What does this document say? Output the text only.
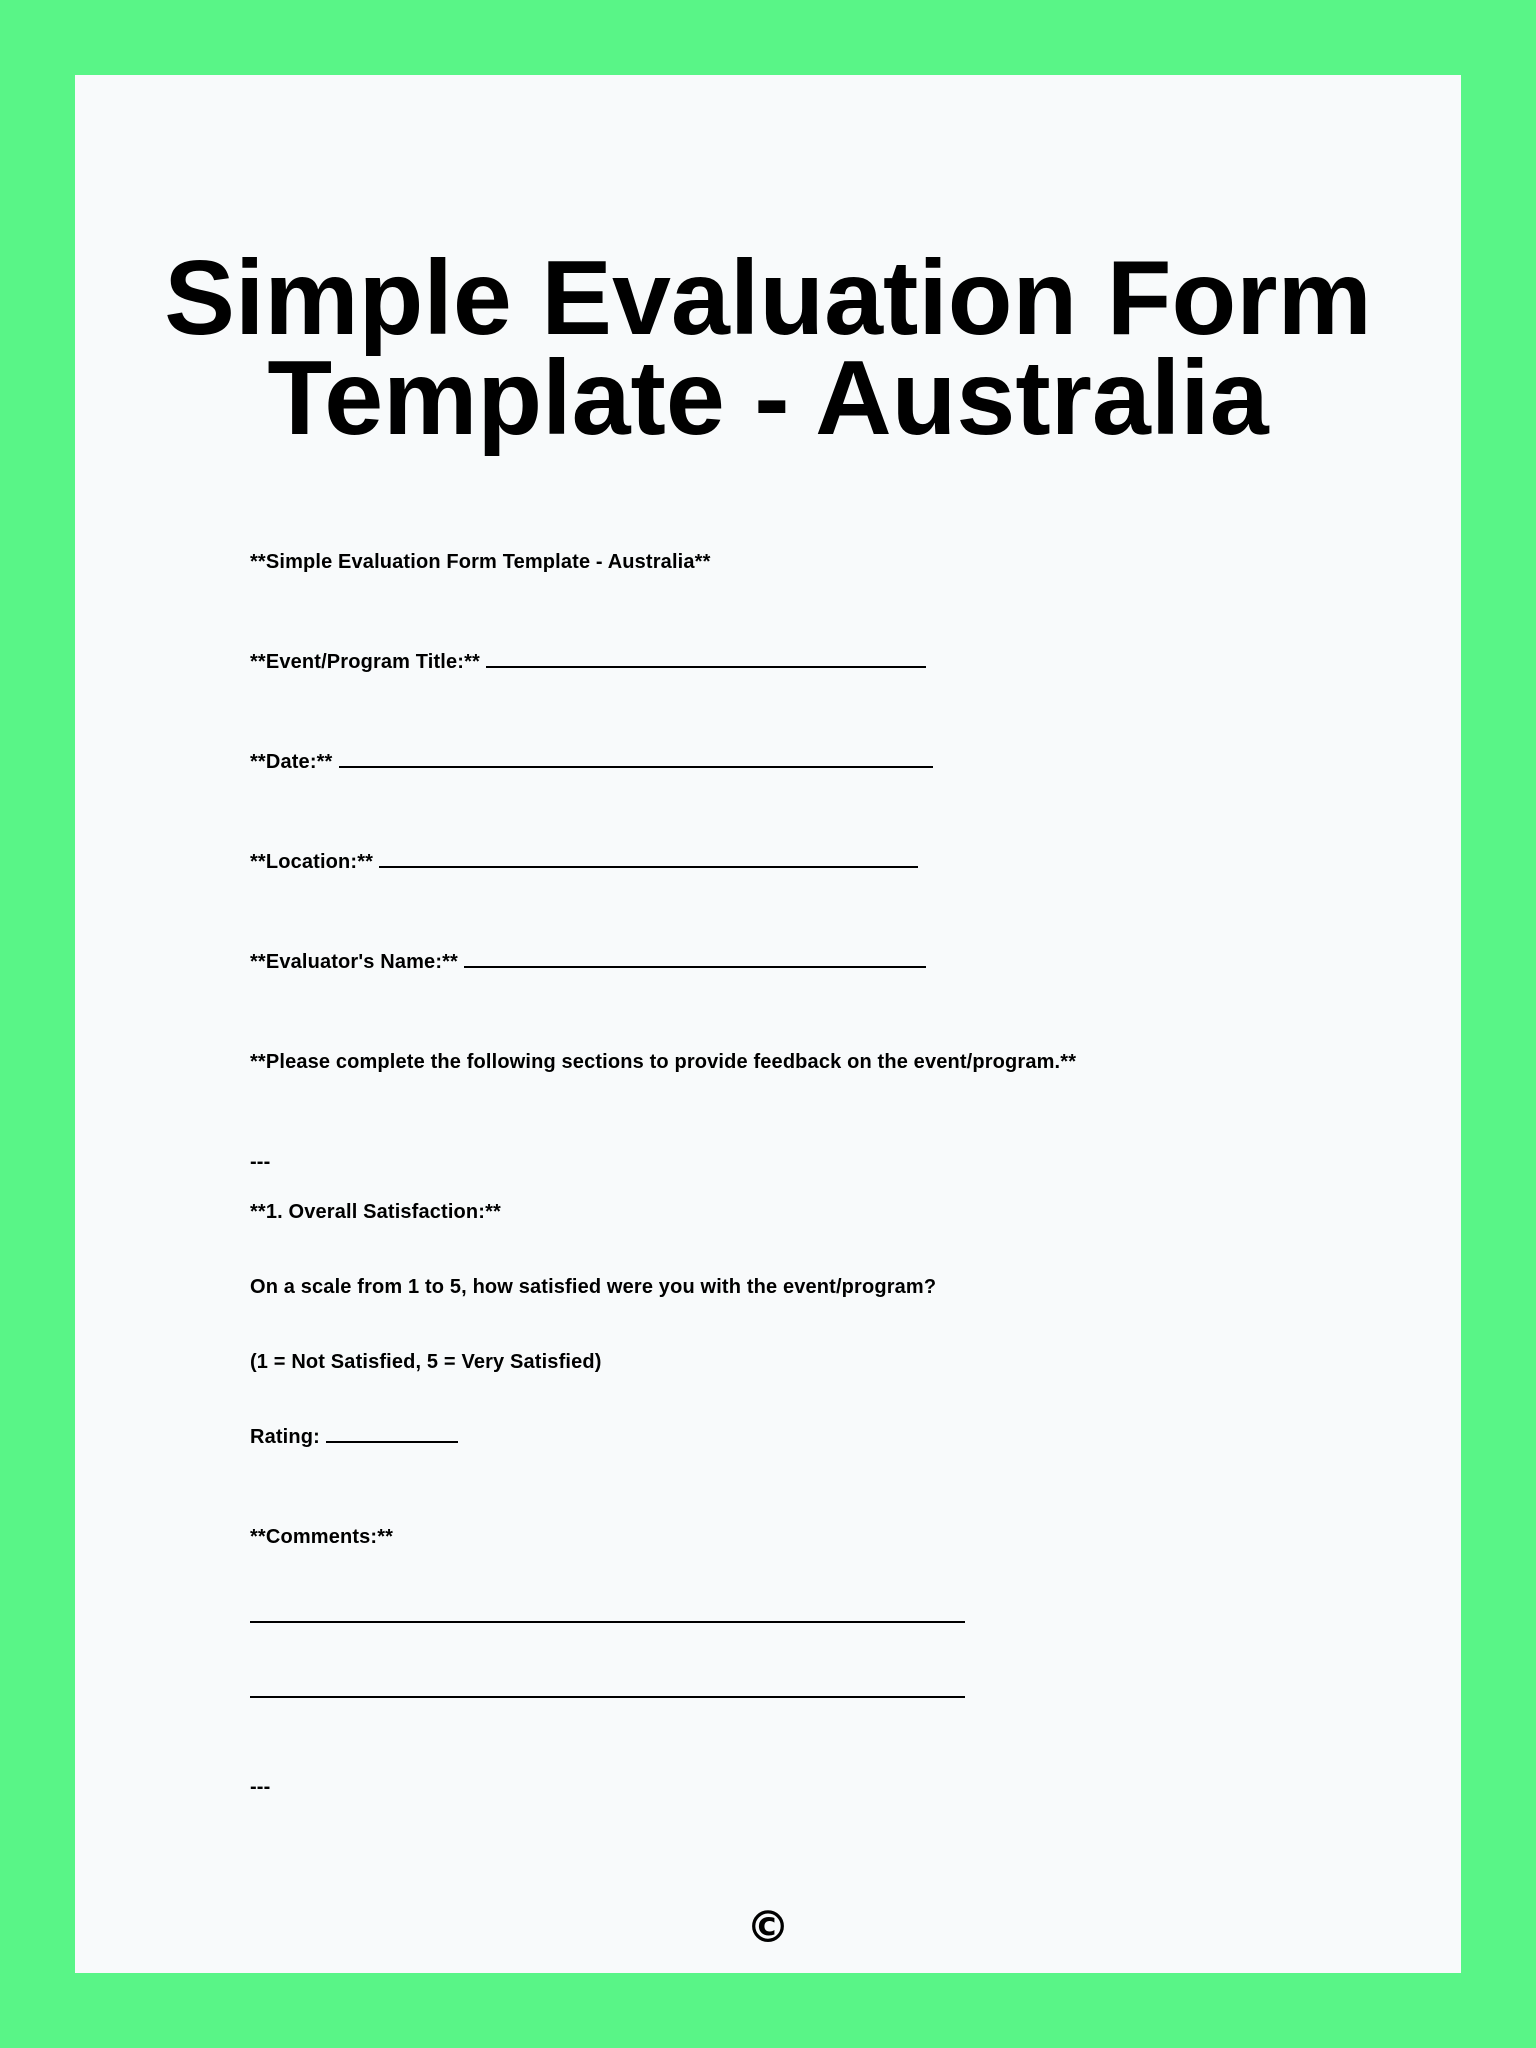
Simple Evaluation Form
Template - Australia

**Simple Evaluation Form Template - Australia**

**Event/Program Title:**

**Date:**

**Location:**

**Evaluator's Name:**

**Please complete the following sections to provide feedback on the event/program.**

---

**1. Overall Satisfaction:**

On a scale from 1 to 5, how satisfied were you with the event/program?

(1 = Not Satisfied, 5 = Very Satisfied)

Rating:

**Comments:**

---

©
